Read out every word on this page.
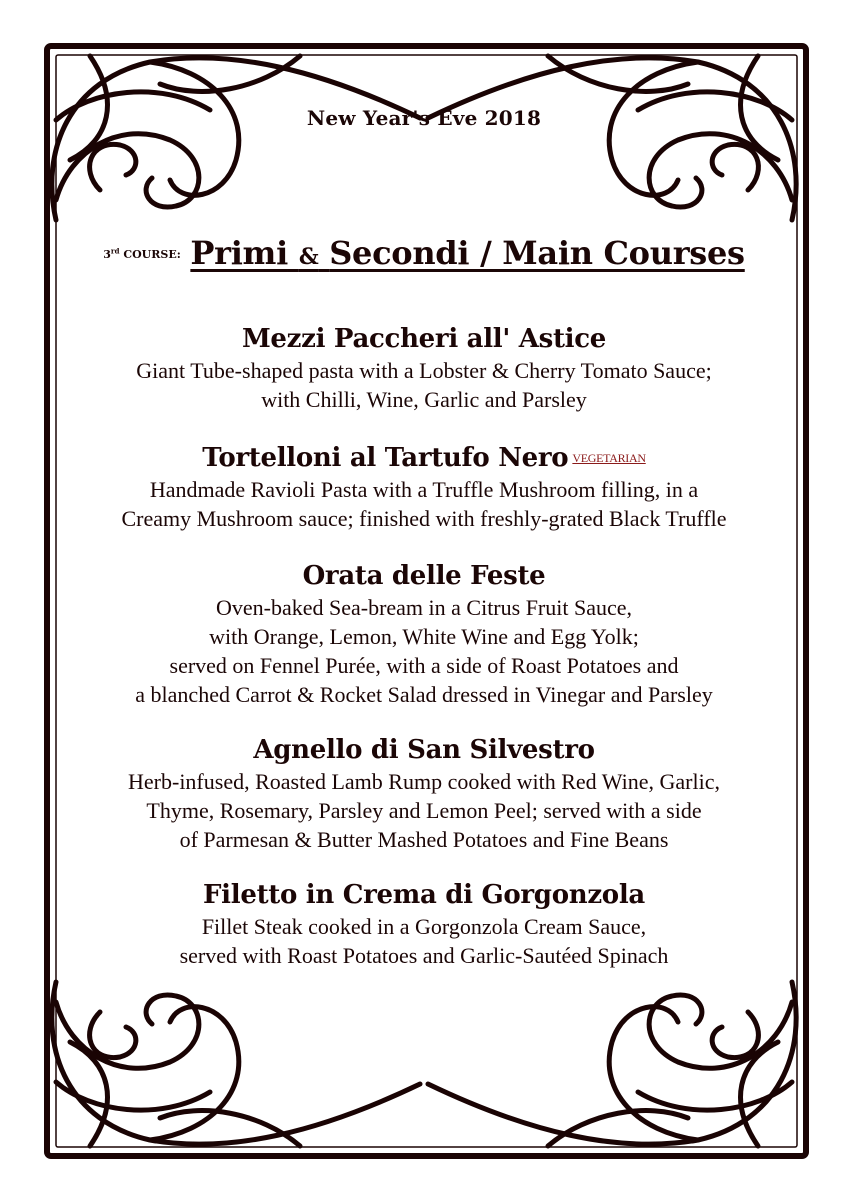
New Year's Eve 2018
$^{3^{rd} COURSE:}$ Primi & Secondi / Main Courses
Mezzi Paccheri all' Astice
Giant Tube-shaped pasta with a Lobster & Cherry Tomato Sauce;
with Chilli, Wine, Garlic and Parsley
Tortelloni al Tartufo Nero VEGETARIAN
Handmade Ravioli Pasta with a Truffle Mushroom filling, in a
Creamy Mushroom sauce; finished with freshly-grated Black Truffle
Orata delle Feste
Oven-baked Sea-bream in a Citrus Fruit Sauce,
with Orange, Lemon, White Wine and Egg Yolk;
served on Fennel Purée, with a side of Roast Potatoes and
a blanched Carrot & Rocket Salad dressed in Vinegar and Parsley
Agnello di San Silvestro
Herb-infused, Roasted Lamb Rump cooked with Red Wine, Garlic,
Thyme, Rosemary, Parsley and Lemon Peel; served with a side
of Parmesan & Butter Mashed Potatoes and Fine Beans
Filetto in Crema di Gorgonzola
Fillet Steak cooked in a Gorgonzola Cream Sauce,
served with Roast Potatoes and Garlic-Sautéed Spinach
